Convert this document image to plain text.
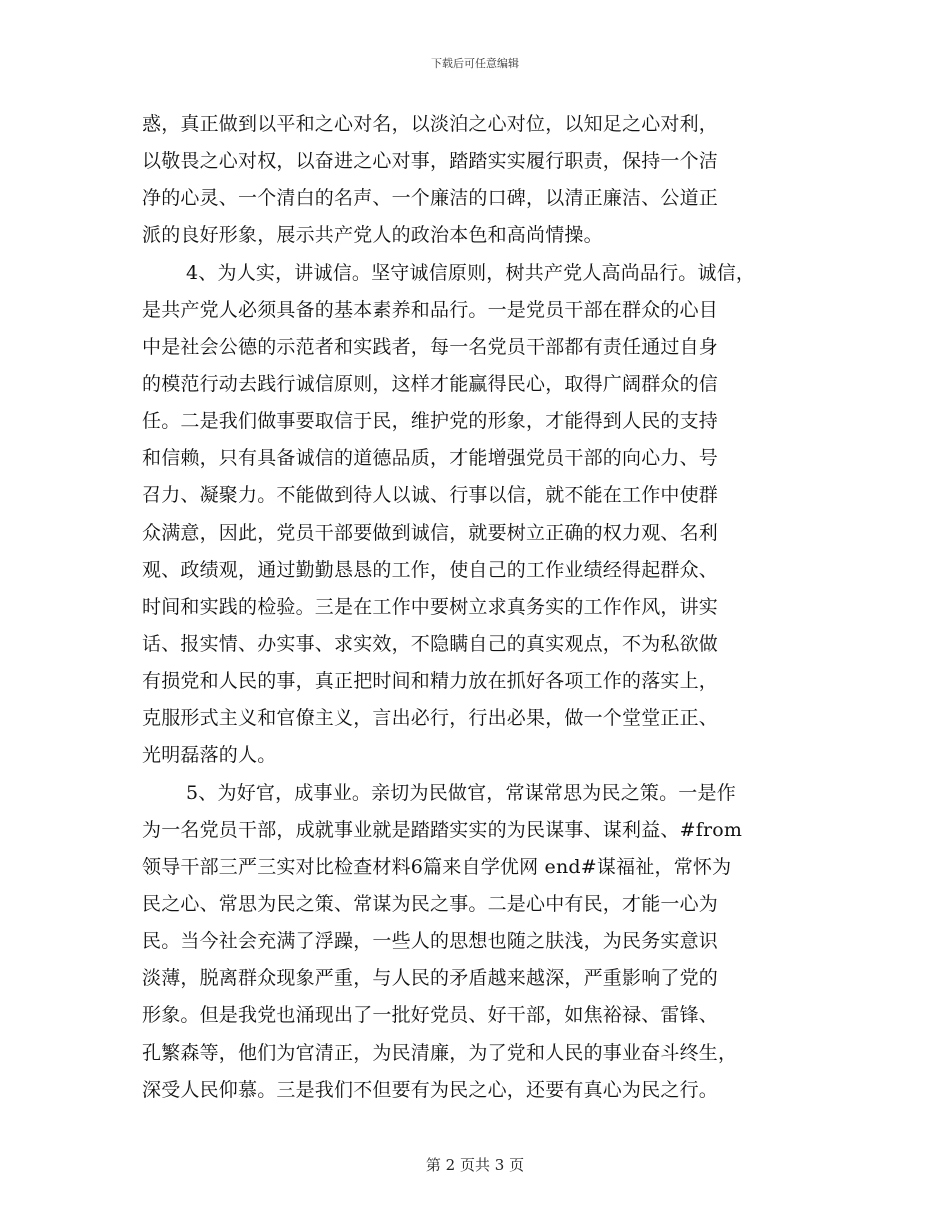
下载后可任意编辑
惑，真正做到以平和之心对名，以淡泊之心对位，以知足之心对利，
以敬畏之心对权，以奋进之心对事，踏踏实实履行职责，保持一个洁
净的心灵、一个清白的名声、一个廉洁的口碑，以清正廉洁、公道正
派的良好形象，展示共产党人的政治本色和高尚情操。
4、为人实，讲诚信。坚守诚信原则，树共产党人高尚品行。诚信，
是共产党人必须具备的基本素养和品行。一是党员干部在群众的心目
中是社会公德的示范者和实践者，每一名党员干部都有责任通过自身
的模范行动去践行诚信原则，这样才能赢得民心，取得广阔群众的信
任。二是我们做事要取信于民，维护党的形象，才能得到人民的支持
和信赖，只有具备诚信的道德品质，才能增强党员干部的向心力、号
召力、凝聚力。不能做到待人以诚、行事以信，就不能在工作中使群
众满意，因此，党员干部要做到诚信，就要树立正确的权力观、名利
观、政绩观，通过勤勤恳恳的工作，使自己的工作业绩经得起群众、
时间和实践的检验。三是在工作中要树立求真务实的工作作风，讲实
话、报实情、办实事、求实效，不隐瞒自己的真实观点，不为私欲做
有损党和人民的事，真正把时间和精力放在抓好各项工作的落实上，
克服形式主义和官僚主义，言出必行，行出必果，做一个堂堂正正、
光明磊落的人。
5、为好官，成事业。亲切为民做官，常谋常思为民之策。一是作
为一名党员干部，成就事业就是踏踏实实的为民谋事、谋利益、#from
领导干部三严三实对比检查材料6篇来自学优网 end#谋福祉，常怀为
民之心、常思为民之策、常谋为民之事。二是心中有民，才能一心为
民。当今社会充满了浮躁，一些人的思想也随之肤浅，为民务实意识
淡薄，脱离群众现象严重，与人民的矛盾越来越深，严重影响了党的
形象。但是我党也涌现出了一批好党员、好干部，如焦裕禄、雷锋、
孔繁森等，他们为官清正，为民清廉，为了党和人民的事业奋斗终生，
深受人民仰慕。三是我们不但要有为民之心，还要有真心为民之行。
第 2 页共 3 页
